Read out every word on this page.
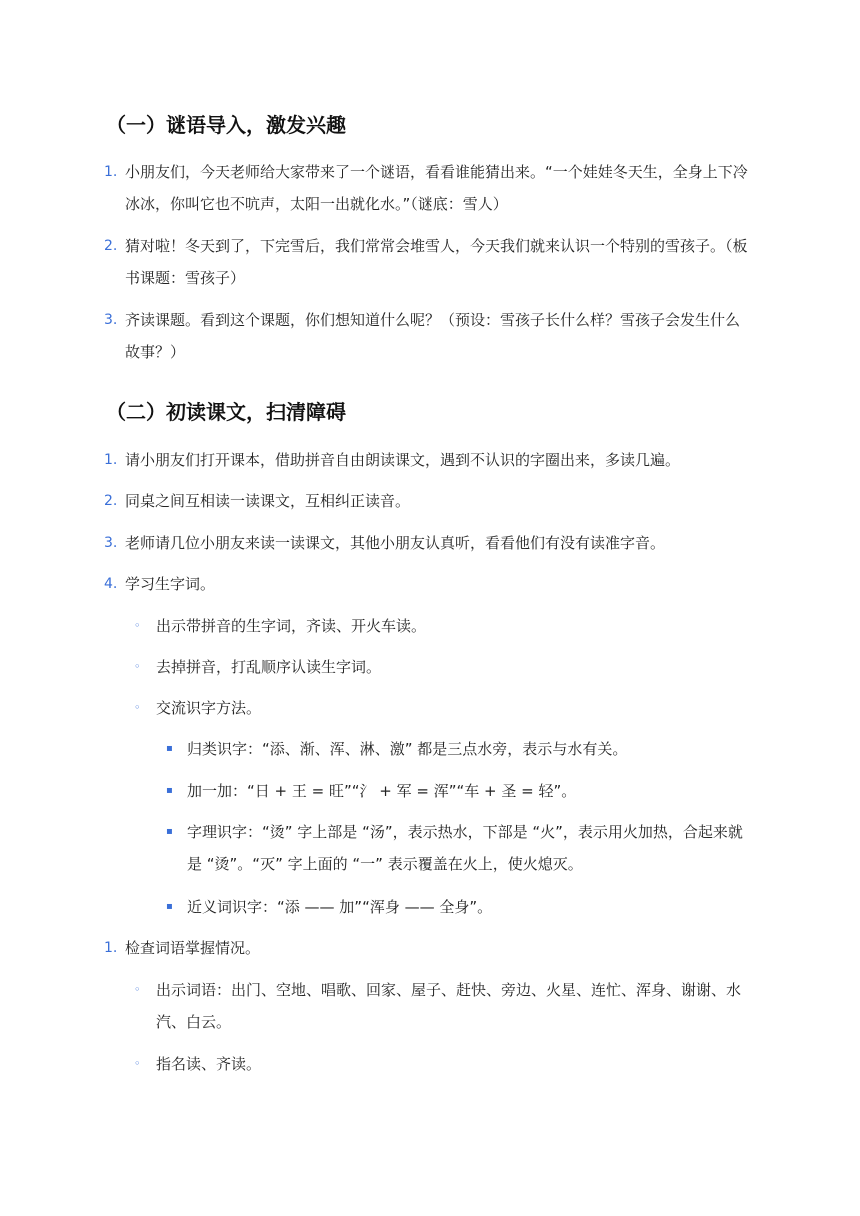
（一）谜语导入，激发兴趣
1. 小朋友们，今天老师给大家带来了一个谜语，看看谁能猜出来。“一个娃娃冬天生，全身上下冷冰冰，你叫它也不吭声，太阳一出就化水。”（谜底：雪人）

2. 猜对啦！冬天到了，下完雪后，我们常常会堆雪人，今天我们就来认识一个特别的雪孩子。（板书课题：雪孩子）

3. 齐读课题。看到这个课题，你们想知道什么呢？（预设：雪孩子长什么样？雪孩子会发生什么故事？）

（二）初读课文，扫清障碍
1. 请小朋友们打开课本，借助拼音自由朗读课文，遇到不认识的字圈出来，多读几遍。

2. 同桌之间互相读一读课文，互相纠正读音。

3. 老师请几位小朋友来读一读课文，其他小朋友认真听，看看他们有没有读准字音。

4. 学习生字词。

◦ 出示带拼音的生字词，齐读、开火车读。

◦ 去掉拼音，打乱顺序认读生字词。

◦ 交流识字方法。

▪ 归类识字：“添、渐、浑、淋、激” 都是三点水旁，表示与水有关。

▪ 加一加：“日 + 王 = 旺”“氵 + 军 = 浑”“车 + 圣 = 轻”。

▪ 字理识字：“烫” 字上部是 “汤”，表示热水，下部是 “火”，表示用火加热，合起来就是 “烫”。“灭” 字上面的 “一” 表示覆盖在火上，使火熄灭。

▪ 近义词识字：“添 —— 加”“浑身 —— 全身”。

1. 检查词语掌握情况。

◦ 出示词语：出门、空地、唱歌、回家、屋子、赶快、旁边、火星、连忙、浑身、谢谢、水汽、白云。

◦ 指名读、齐读。
